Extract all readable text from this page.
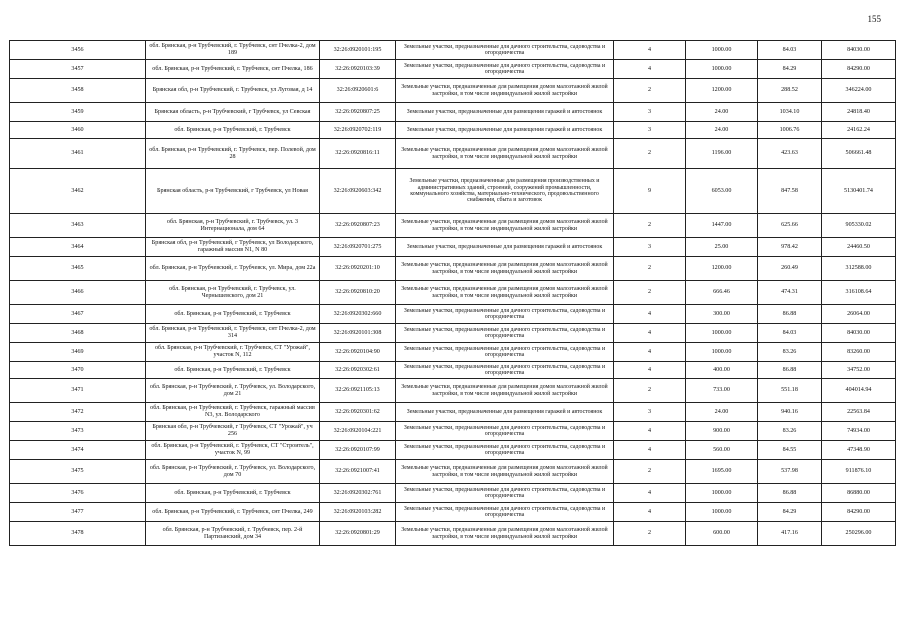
155
3456	обл. Брянская, р-н Трубчевский, г. Трубчевск, снт Пчелка-2, дом 189	32:26:0920101:195	Земельные участки, предназначенные для дачного строительства, садоводства и огородничества	4	1000.00	84.03	84030.00
3457	обл. Брянская, р-н Трубчевский, г. Трубчевск, снт Пчелка, 186	32:26:0920103:39	Земельные участки, предназначенные для дачного строительства, садоводства и огородничества	4	1000.00	84.29	84290.00
3458	Брянская обл, р-н Трубчевский, г. Трубчевск, ул Луговая, д 14	32:26:0920601:6	Земельные участки, предназначенные для размещения домов малоэтажной жилой застройки, в том числе индивидуальной жилой застройки	2	1200.00	288.52	346224.00
3459	Брянская область, р-н Трубчевский, г Трубчевск, ул Севская	32:26:0920807:25	Земельные участки, предназначенные для размещения гаражей и автостоянок	3	24.00	1034.10	24818.40
3460	обл. Брянская, р-н Трубчевский, г. Трубчевск	32:26:0920702:119	Земельные участки, предназначенные для размещения гаражей и автостоянок	3	24.00	1006.76	24162.24
3461	обл. Брянская, р-н Трубчевский, г. Трубчевск, пер. Полевой, дом 28	32:26:0920816:11	Земельные участки, предназначенные для размещения домов малоэтажной жилой застройки, в том числе индивидуальной жилой застройки	2	1196.00	423.63	506661.48
3462	Брянская область, р-н Трубчевский, г Трубчевск, ул Новая	32:26:0920603:342	Земельные участки, предназначенные для размещения производственных и административных зданий, строений, сооружений промышленности, коммунального хозяйства, материально-технического, продовольственного снабжения, сбыта и заготовок	9	6053.00	847.58	5130401.74
3463	обл. Брянская, р-н Трубчевский, г. Трубчевск, ул. 3 Интернационала, дом 64	32:26:0920807:23	Земельные участки, предназначенные для размещения домов малоэтажной жилой застройки, в том числе индивидуальной жилой застройки	2	1447.00	625.66	905330.02
3464	Брянская обл, р-н Трубчевский, г Трубчевск, ул Володарского, гаражный массив N1, N 80	32:26:0920701:275	Земельные участки, предназначенные для размещения гаражей и автостоянок	3	25.00	978.42	24460.50
3465	обл. Брянская, р-н Трубчевский, г. Трубчевск, ул. Мира, дом 22а	32:26:0920201:10	Земельные участки, предназначенные для размещения домов малоэтажной жилой застройки, в том числе индивидуальной жилой застройки	2	1200.00	260.49	312588.00
3466	обл. Брянская, р-н Трубчевский, г. Трубчевск, ул. Чернышевского, дом 21	32:26:0920810:20	Земельные участки, предназначенные для размещения домов малоэтажной жилой застройки, в том числе индивидуальной жилой застройки	2	666.46	474.31	316108.64
3467	обл. Брянская, р-н Трубчевский, г. Трубчевск	32:26:0920302:660	Земельные участки, предназначенные для дачного строительства, садоводства и огородничества	4	300.00	86.88	26064.00
3468	обл. Брянская, р-н Трубчевский, г. Трубчевск, снт Пчелка-2, дом 314	32:26:0920101:308	Земельные участки, предназначенные для дачного строительства, садоводства и огородничества	4	1000.00	84.03	84030.00
3469	обл. Брянская, р-н Трубчевский, г. Трубчевск, СТ "Урожай", участок N, 112	32:26:0920104:90	Земельные участки, предназначенные для дачного строительства, садоводства и огородничества	4	1000.00	83.26	83260.00
3470	обл. Брянская, р-н Трубчевский, г. Трубчевск	32:26:0920302:61	Земельные участки, предназначенные для дачного строительства, садоводства и огородничества	4	400.00	86.88	34752.00
3471	обл. Брянская, р-н Трубчевский, г. Трубчевск, ул. Володарского, дом 21	32:26:0921105:13	Земельные участки, предназначенные для размещения домов малоэтажной жилой застройки, в том числе индивидуальной жилой застройки	2	733.00	551.18	404014.94
3472	обл. Брянская, р-н Трубчевский, г. Трубчевск, гаражный массив N3, ул. Володарского	32:26:0920301:62	Земельные участки, предназначенные для размещения гаражей и автостоянок	3	24.00	940.16	22563.84
3473	Брянская обл, р-н Трубчевский, г Трубчевск, СТ "Урожай", уч 256	32:26:0920104:221	Земельные участки, предназначенные для дачного строительства, садоводства и огородничества	4	900.00	83.26	74934.00
3474	обл. Брянская, р-н Трубчевский, г. Трубчевск, СТ "Строитель", участок N, 99	32:26:0920107:99	Земельные участки, предназначенные для дачного строительства, садоводства и огородничества	4	560.00	84.55	47348.90
3475	обл. Брянская, р-н Трубчевский, г. Трубчевск, ул. Володарского, дом 70	32:26:0921007:41	Земельные участки, предназначенные для размещения домов малоэтажной жилой застройки, в том числе индивидуальной жилой застройки	2	1695.00	537.98	911876.10
3476	обл. Брянская, р-н Трубчевский, г. Трубчевск	32:26:0920302:761	Земельные участки, предназначенные для дачного строительства, садоводства и огородничества	4	1000.00	86.88	86880.00
3477	обл. Брянская, р-н Трубчевский, г. Трубчевск, снт Пчелка, 249	32:26:0920103:282	Земельные участки, предназначенные для дачного строительства, садоводства и огородничества	4	1000.00	84.29	84290.00
3478	обл. Брянская, р-н Трубчевский, г. Трубчевск, пер. 2-й Партизанский, дом 34	32:26:0920801:29	Земельные участки, предназначенные для размещения домов малоэтажной жилой застройки, в том числе индивидуальной жилой застройки	2	600.00	417.16	250296.00
